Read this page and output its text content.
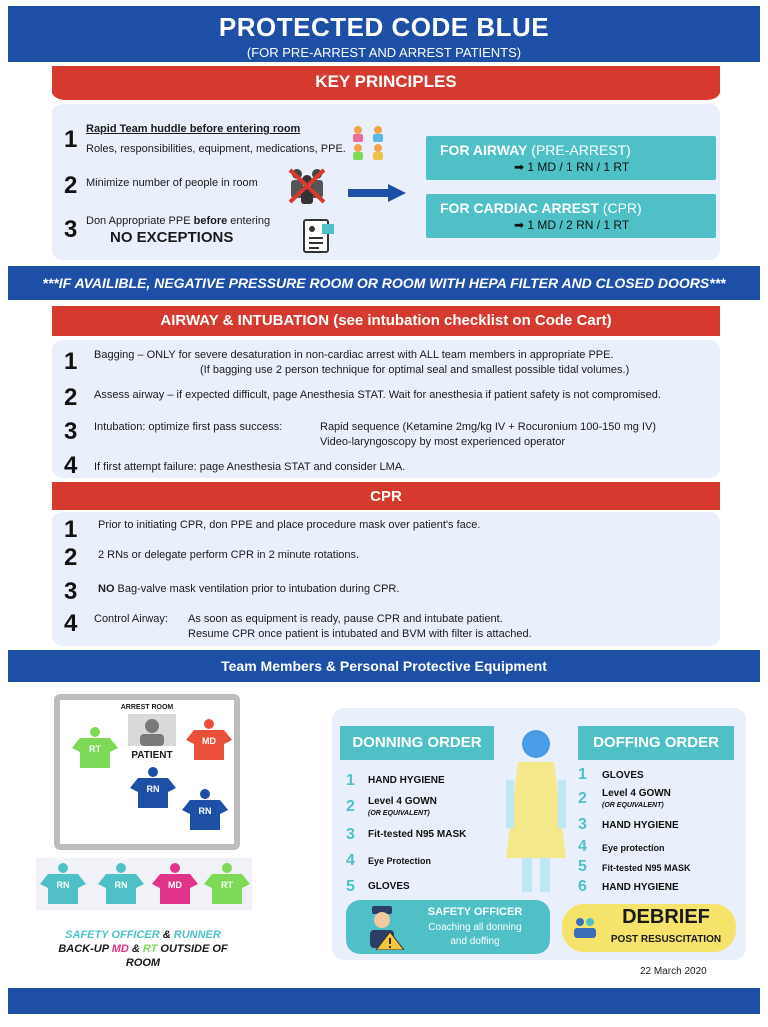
PROTECTED CODE BLUE
(FOR PRE-ARREST AND ARREST PATIENTS)
KEY PRINCIPLES
1 Rapid Team huddle before entering room
Roles, responsibilities, equipment, medications, PPE.
2 Minimize number of people in room
3 Don Appropriate PPE before entering
NO EXCEPTIONS
FOR AIRWAY (PRE-ARREST)
➡ 1 MD / 1 RN / 1 RT
FOR CARDIAC ARREST (CPR)
➡ 1 MD / 2 RN / 1 RT
***IF AVAILIBLE, NEGATIVE PRESSURE ROOM OR ROOM WITH HEPA FILTER AND CLOSED DOORS***
AIRWAY & INTUBATION (see intubation checklist on Code Cart)
1 Bagging – ONLY for severe desaturation in non-cardiac arrest with ALL team members in appropriate PPE.
(If bagging use 2 person technique for optimal seal and smallest possible tidal volumes.)
2 Assess airway – if expected difficult, page Anesthesia STAT. Wait for anesthesia if patient safety is not compromised.
3 Intubation: optimize first pass success:	Rapid sequence (Ketamine 2mg/kg IV + Rocuronium 100-150 mg IV)
Video-laryngoscopy by most experienced operator
4 If first attempt failure: page Anesthesia STAT and consider LMA.
CPR
1 Prior to initiating CPR, don PPE and place procedure mask over patient's face.
2 2 RNs or delegate perform CPR in 2 minute rotations.
3 NO Bag-valve mask ventilation prior to intubation during CPR.
4 Control Airway: As soon as equipment is ready, pause CPR and intubate patient.
Resume CPR once patient is intubated and BVM with filter is attached.
Team Members & Personal Protective Equipment
ARREST ROOM
PATIENT
RT
MD
RN
RN
RN	RN	MD	RT
SAFETY OFFICER & RUNNER
BACK-UP MD & RT OUTSIDE OF
ROOM
DONNING ORDER
1 HAND HYGIENE
2 Level 4 GOWN
(OR EQUIVALENT)
3 Fit-tested N95 MASK
4 Eye Protection
5 GLOVES
DOFFING ORDER
1 GLOVES
2 Level 4 GOWN
(OR EQUIVALENT)
3 HAND HYGIENE
4 Eye protection
5 Fit-tested N95 MASK
6 HAND HYGIENE
SAFETY OFFICER
Coaching all donning
and doffing
DEBRIEF
POST RESUSCITATION
22 March 2020
